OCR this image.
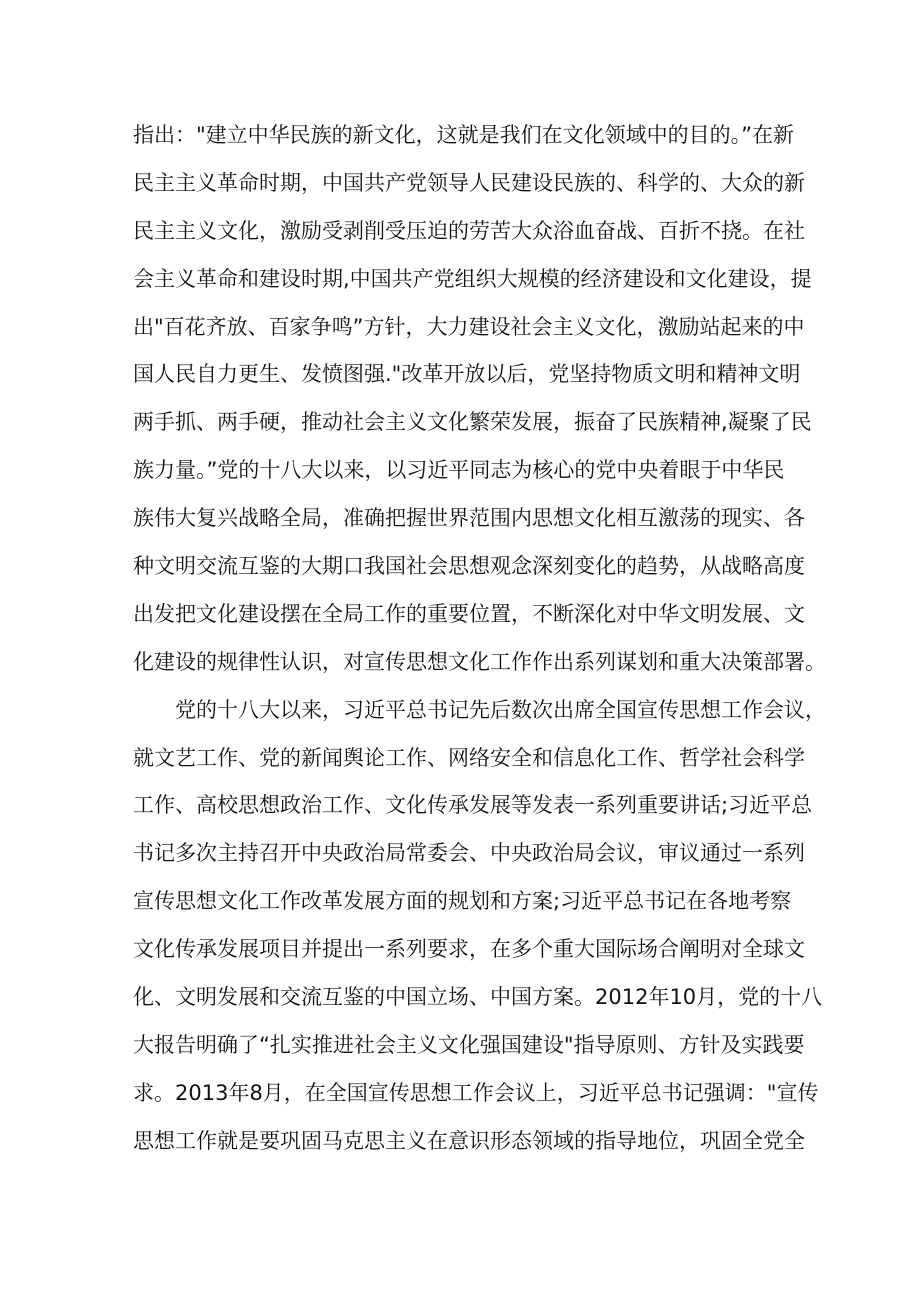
指出："建立中华民族的新文化，这就是我们在文化领域中的目的。”在新
民主主义革命时期，中国共产党领导人民建设民族的、科学的、大众的新
民主主义文化，激励受剥削受压迫的劳苦大众浴血奋战、百折不挠。在社
会主义革命和建设时期,中国共产党组织大规模的经济建设和文化建设，提
出"百花齐放、百家争鸣”方针，大力建设社会主义文化，激励站起来的中
国人民自力更生、发愤图强."改革开放以后，党坚持物质文明和精神文明
两手抓、两手硬，推动社会主义文化繁荣发展，振奋了民族精神,凝聚了民
族力量。”党的十八大以来，以习近平同志为核心的党中央着眼于中华民
族伟大复兴战略全局，准确把握世界范围内思想文化相互激荡的现实、各
种文明交流互鉴的大期口我国社会思想观念深刻变化的趋势，从战略高度
出发把文化建设摆在全局工作的重要位置，不断深化对中华文明发展、文
化建设的规律性认识，对宣传思想文化工作作出系列谋划和重大决策部署。
党的十八大以来，习近平总书记先后数次出席全国宣传思想工作会议，
就文艺工作、党的新闻舆论工作、网络安全和信息化工作、哲学社会科学
工作、高校思想政治工作、文化传承发展等发表一系列重要讲话;习近平总
书记多次主持召开中央政治局常委会、中央政治局会议，审议通过一系列
宣传思想文化工作改革发展方面的规划和方案;习近平总书记在各地考察
文化传承发展项目并提出一系列要求，在多个重大国际场合阐明对全球文
化、文明发展和交流互鉴的中国立场、中国方案。2012年10月，党的十八
大报告明确了“扎实推进社会主义文化强国建设"指导原则、方针及实践要
求。2013年8月，在全国宣传思想工作会议上，习近平总书记强调："宣传
思想工作就是要巩固马克思主义在意识形态领域的指导地位，巩固全党全
